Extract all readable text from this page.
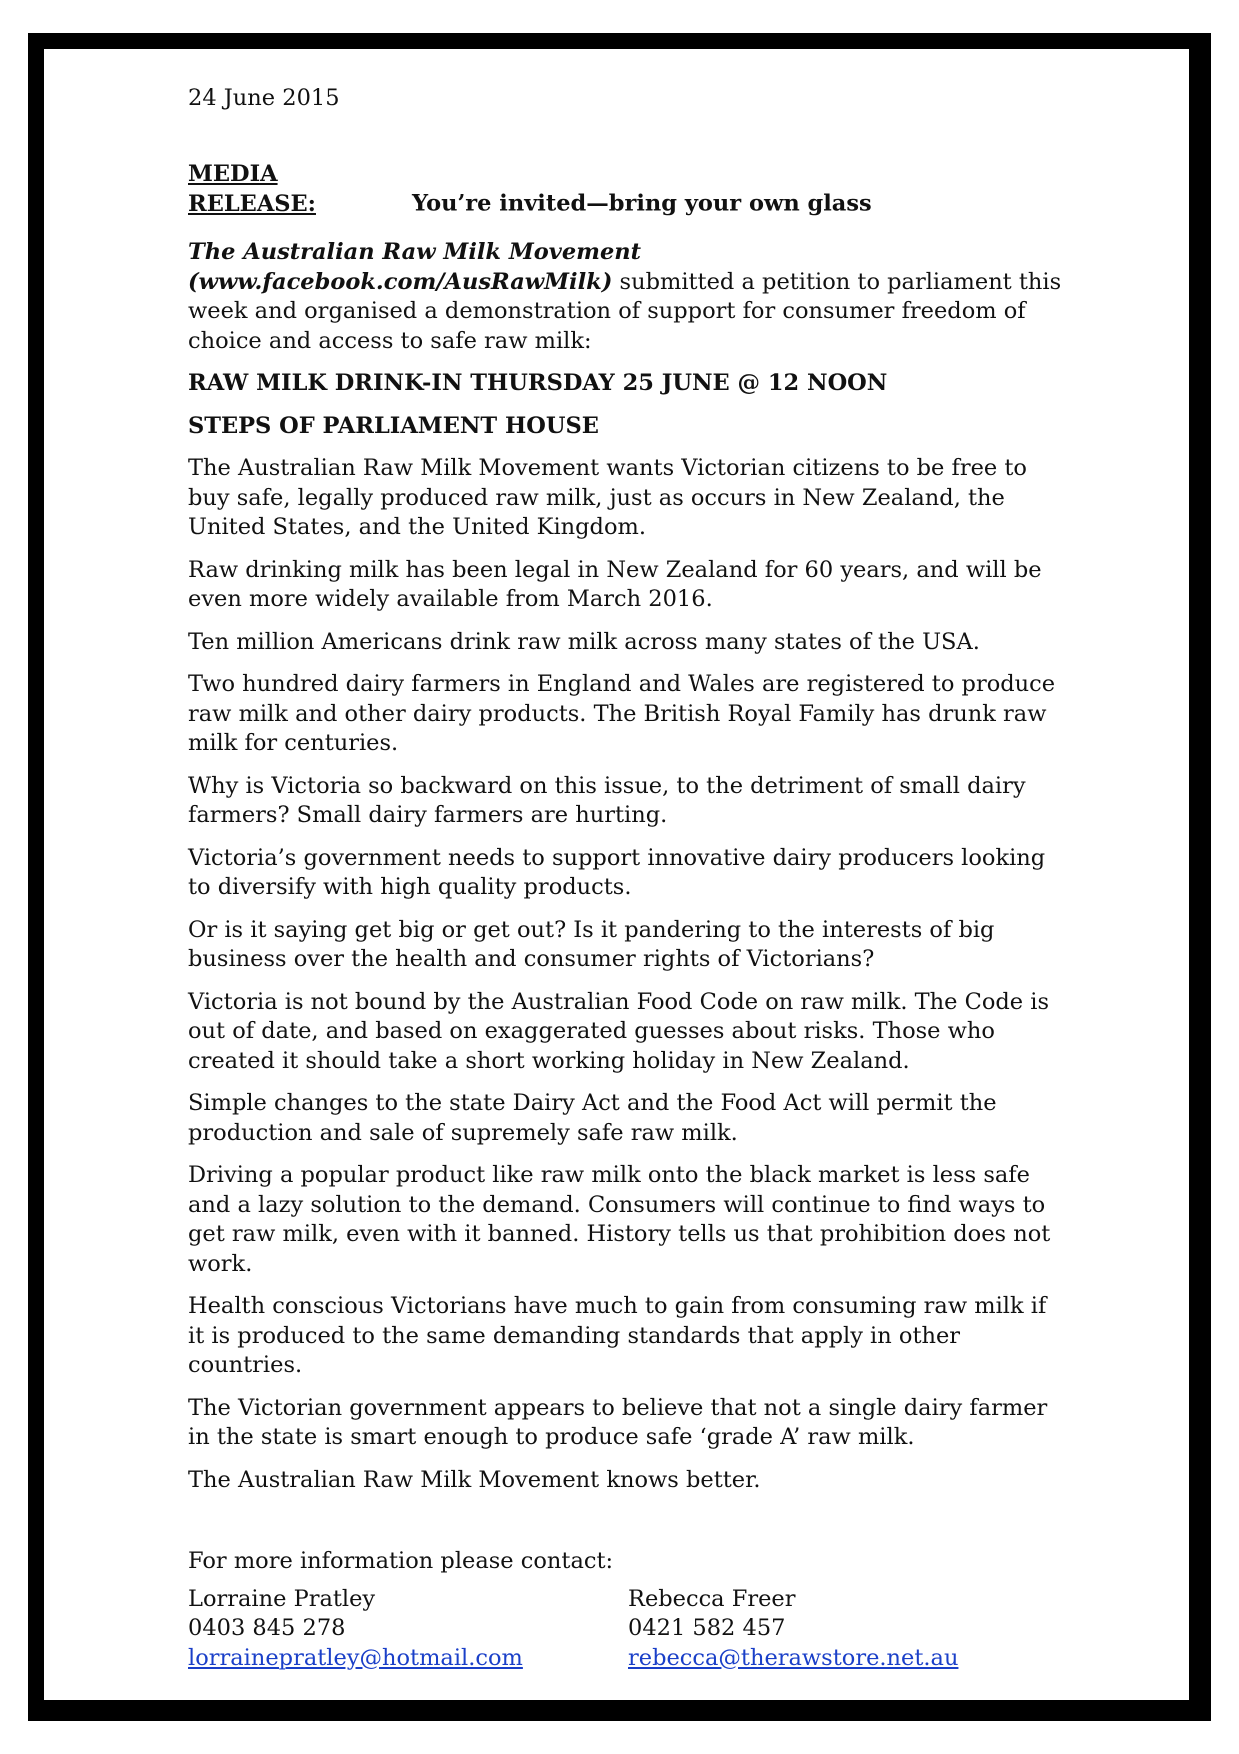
24 June 2015
MEDIA RELEASE:	You’re invited—bring your own glass

The Australian Raw Milk Movement (www.facebook.com/AusRawMilk) submitted a petition to parliament this week and organised a demonstration of support for consumer freedom of choice and access to safe raw milk:

RAW MILK DRINK-IN THURSDAY 25 JUNE @ 12 NOON

STEPS OF PARLIAMENT HOUSE

The Australian Raw Milk Movement wants Victorian citizens to be free to buy safe, legally produced raw milk, just as occurs in New Zealand, the United States, and the United Kingdom.

Raw drinking milk has been legal in New Zealand for 60 years, and will be even more widely available from March 2016.

Ten million Americans drink raw milk across many states of the USA.

Two hundred dairy farmers in England and Wales are registered to produce raw milk and other dairy products. The British Royal Family has drunk raw milk for centuries.

Why is Victoria so backward on this issue, to the detriment of small dairy farmers? Small dairy farmers are hurting.

Victoria’s government needs to support innovative dairy producers looking to diversify with high quality products.

Or is it saying get big or get out? Is it pandering to the interests of big business over the health and consumer rights of Victorians?

Victoria is not bound by the Australian Food Code on raw milk. The Code is out of date, and based on exaggerated guesses about risks. Those who created it should take a short working holiday in New Zealand.

Simple changes to the state Dairy Act and the Food Act will permit the production and sale of supremely safe raw milk.

Driving a popular product like raw milk onto the black market is less safe and a lazy solution to the demand. Consumers will continue to find ways to get raw milk, even with it banned. History tells us that prohibition does not work.

Health conscious Victorians have much to gain from consuming raw milk if it is produced to the same demanding standards that apply in other countries.

The Victorian government appears to believe that not a single dairy farmer in the state is smart enough to produce safe ‘grade A’ raw milk.

The Australian Raw Milk Movement knows better.

For more information please contact:
Lorraine Pratley
0403 845 278
lorrainepratley@hotmail.com
Rebecca Freer
0421 582 457
rebecca@therawstore.net.au
